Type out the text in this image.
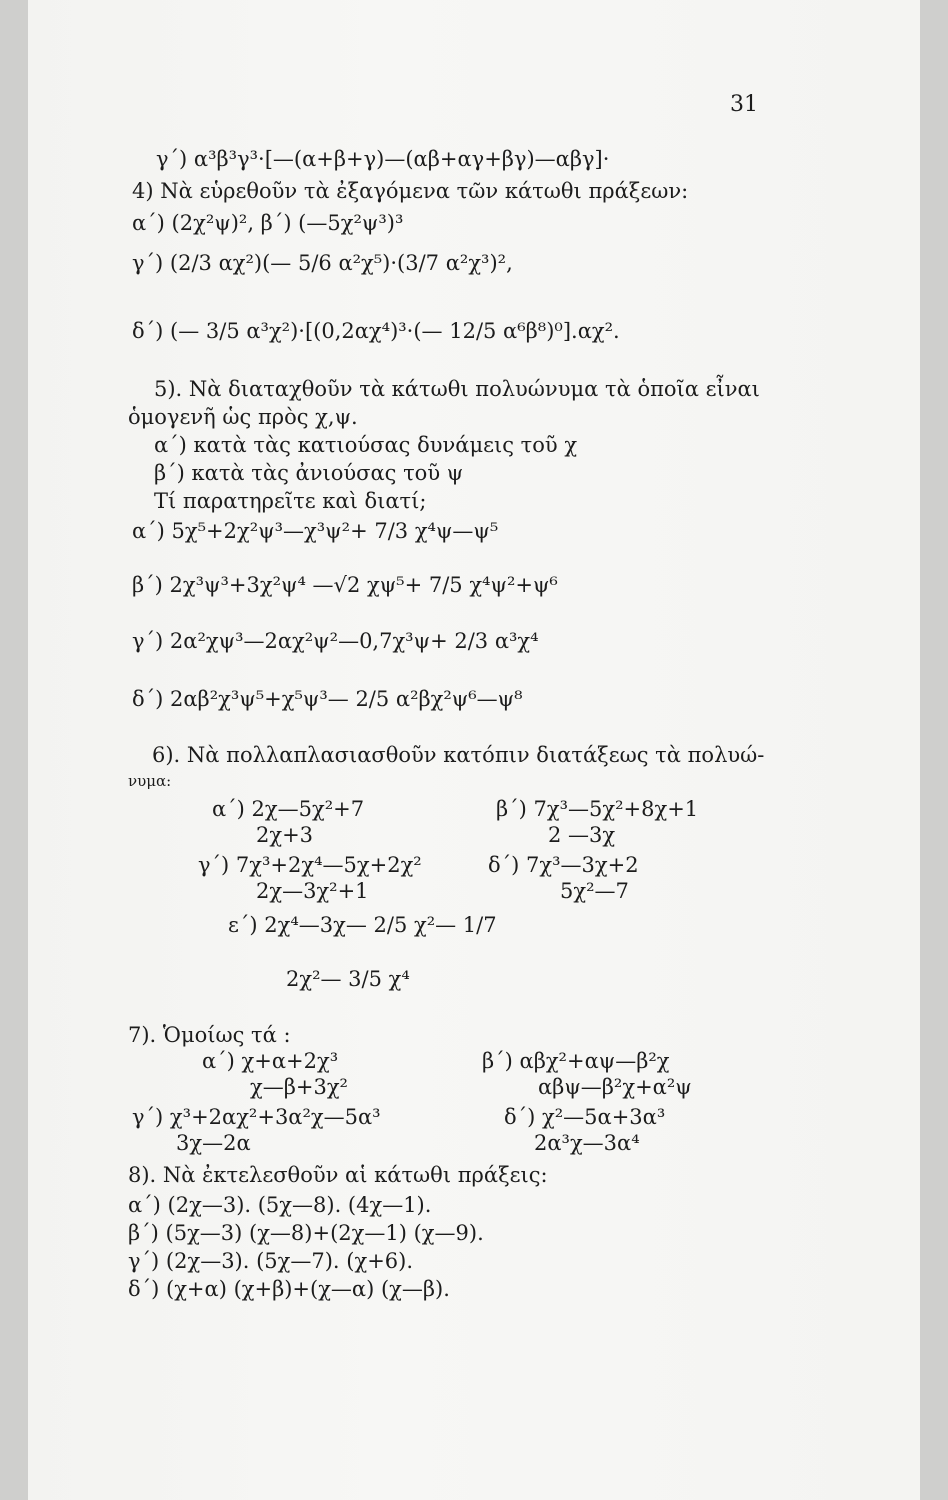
31
γ΄) α³β³γ³·[—(α+β+γ)—(αβ+αγ+βγ)—αβγ]·
4) Νὰ εὑρεθοῦν τὰ ἐξαγόμενα τῶν κάτωθι πράξεων:
α΄) (2χ²ψ)², β΄) (—5χ²ψ³)³
γ΄) (2/3 αχ²)(— 5/6 α²χ⁵)·(3/7 α²χ³)²,
δ΄) (— 3/5 α³χ²)·[(0,2αχ⁴)³·(— 12/5 α⁶β⁸)⁰].αχ².
5). Νὰ διαταχθοῦν τὰ κάτωθι πολυώνυμα τὰ ὁποῖα εἶναι
ὁμογενῆ ὡς πρὸς χ,ψ.
α΄) κατὰ τὰς κατιούσας δυνάμεις τοῦ χ
β΄) κατὰ τὰς ἀνιούσας τοῦ ψ
Τί παρατηρεῖτε καὶ διατί;
α΄) 5χ⁵+2χ²ψ³—χ³ψ²+ 7/3 χ⁴ψ—ψ⁵
β΄) 2χ³ψ³+3χ²ψ⁴ —√2 χψ⁵+ 7/5 χ⁴ψ²+ψ⁶
γ΄) 2α²χψ³—2αχ²ψ²—0,7χ³ψ+ 2/3 α³χ⁴
δ΄) 2αβ²χ³ψ⁵+χ⁵ψ³— 2/5 α²βχ²ψ⁶—ψ⁸
6). Νὰ πολλαπλασιασθοῦν κατόπιν διατάξεως τὰ πολυώ-
νυμα:
α΄) 2χ—5χ²+7
2χ+3
β΄) 7χ³—5χ²+8χ+1
2 —3χ
γ΄) 7χ³+2χ⁴—5χ+2χ²
2χ—3χ²+1
δ΄) 7χ³—3χ+2
5χ²—7
ε΄) 2χ⁴—3χ— 2/5 χ²— 1/7
2χ²— 3/5 χ⁴
7). Ὁμοίως τά :
α΄) χ+α+2χ³
χ—β+3χ²
β΄) αβχ²+αψ—β²χ
αβψ—β²χ+α²ψ
γ΄) χ³+2αχ²+3α²χ—5α³
3χ—2α
δ΄) χ²—5α+3α³
2α³χ—3α⁴
8). Νὰ ἐκτελεσθοῦν αἱ κάτωθι πράξεις:
α΄) (2χ—3). (5χ—8). (4χ—1).
β΄) (5χ—3) (χ—8)+(2χ—1) (χ—9).
γ΄) (2χ—3). (5χ—7). (χ+6).
δ΄) (χ+α) (χ+β)+(χ—α) (χ—β).
